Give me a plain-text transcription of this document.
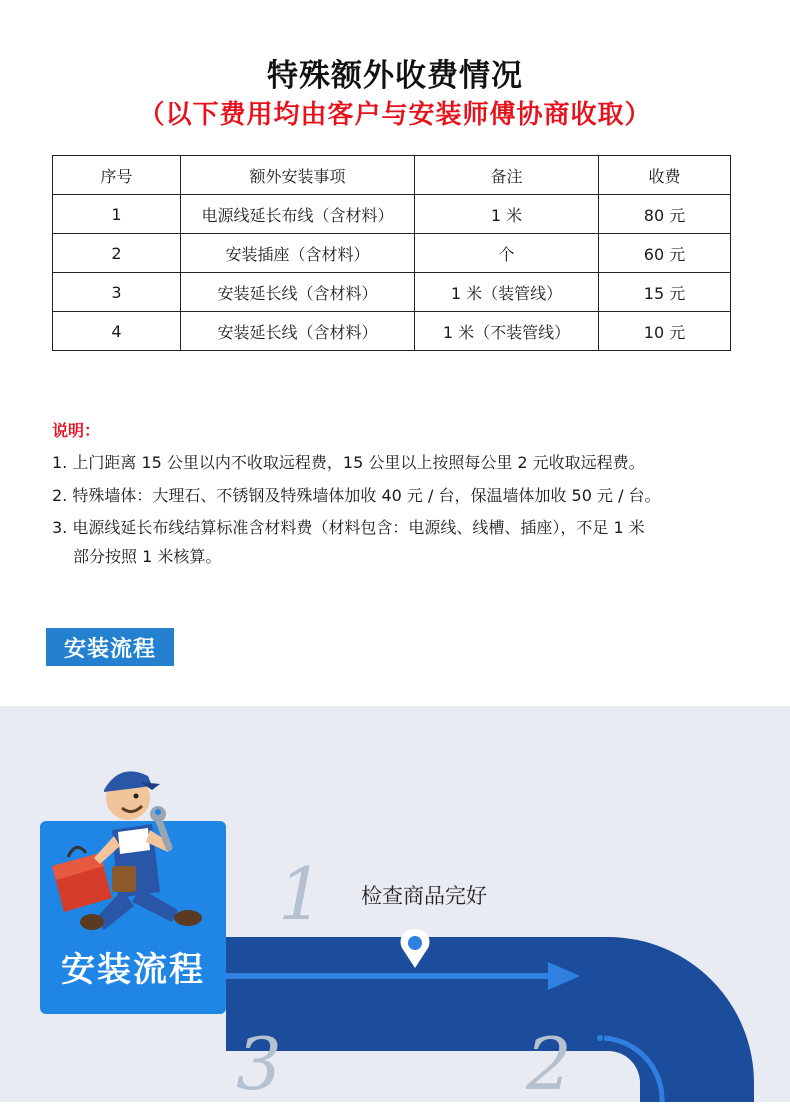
特殊额外收费情况
（以下费用均由客户与安装师傅协商收取）
序号	额外安装事项	备注	收费
1	电源线延长布线（含材料）	1 米	80 元
2	安装插座（含材料）	个	60 元
3	安装延长线（含材料）	1 米（装管线）	15 元
4	安装延长线（含材料）	1 米（不装管线）	10 元
说明：
1. 上门距离 15 公里以内不收取远程费，15 公里以上按照每公里 2 元收取远程费。
2. 特殊墙体：大理石、不锈钢及特殊墙体加收 40 元 / 台，保温墙体加收 50 元 / 台。
3. 电源线延长布线结算标准含材料费（材料包含：电源线、线槽、插座），不足 1 米
部分按照 1 米核算。
安装流程
安装流程
1 检查商品完好
2
3
